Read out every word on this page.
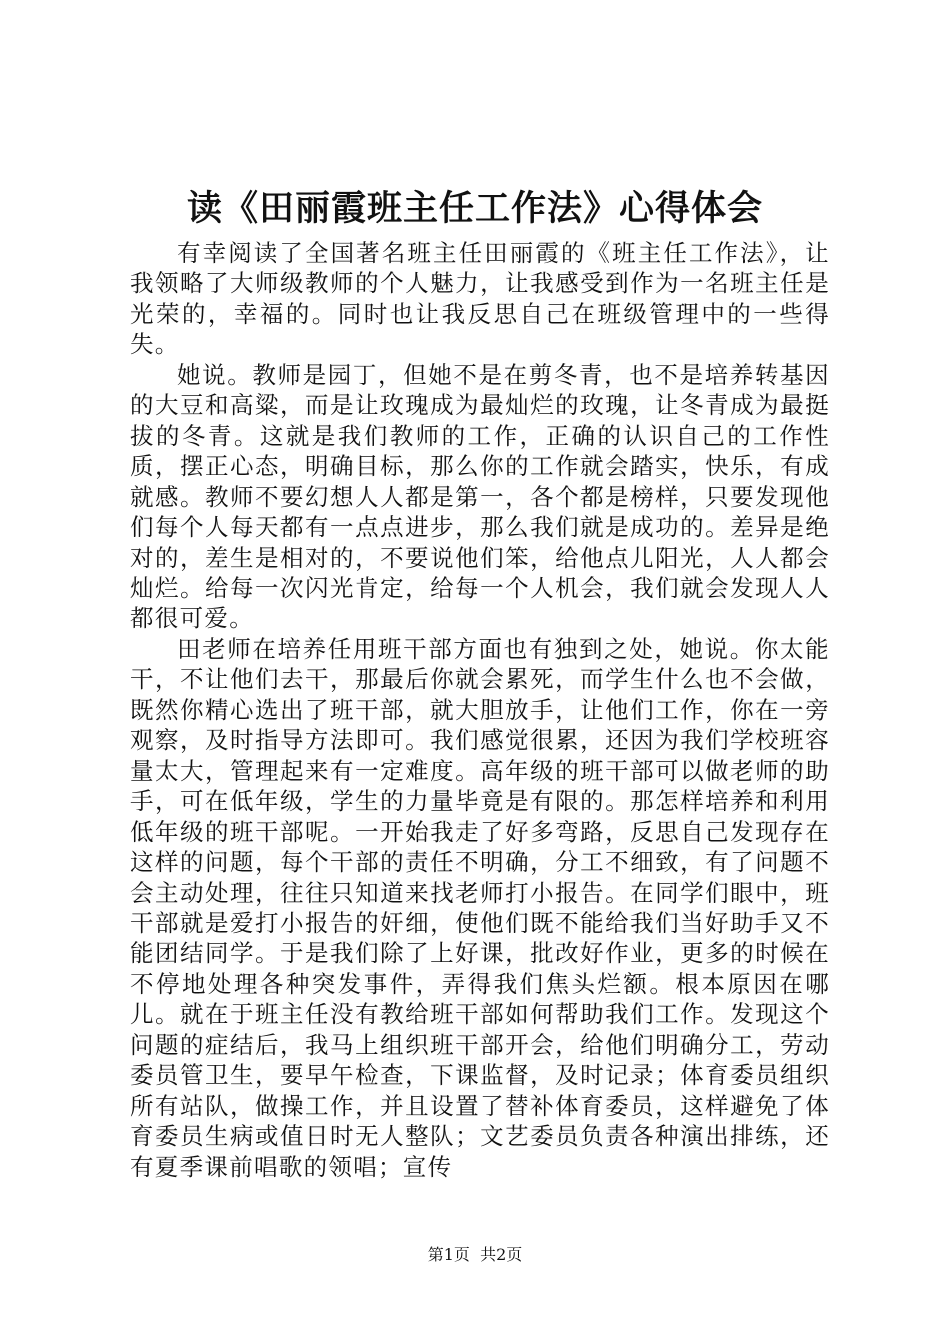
读《田丽霞班主任工作法》心得体会

有幸阅读了全国著名班主任田丽霞的《班主任工作法》，让我领略了大师级教师的个人魅力，让我感受到作为一名班主任是光荣的，幸福的。同时也让我反思自己在班级管理中的一些得失。

她说。教师是园丁，但她不是在剪冬青，也不是培养转基因的大豆和高粱，而是让玫瑰成为最灿烂的玫瑰，让冬青成为最挺拔的冬青。这就是我们教师的工作，正确的认识自己的工作性质，摆正心态，明确目标，那么你的工作就会踏实，快乐，有成就感。教师不要幻想人人都是第一，各个都是榜样，只要发现他们每个人每天都有一点点进步，那么我们就是成功的。差异是绝对的，差生是相对的，不要说他们笨，给他点儿阳光，人人都会灿烂。给每一次闪光肯定，给每一个人机会，我们就会发现人人都很可爱。

田老师在培养任用班干部方面也有独到之处，她说。你太能干，不让他们去干，那最后你就会累死，而学生什么也不会做，既然你精心选出了班干部，就大胆放手，让他们工作，你在一旁观察，及时指导方法即可。我们感觉很累，还因为我们学校班容量太大，管理起来有一定难度。高年级的班干部可以做老师的助手，可在低年级，学生的力量毕竟是有限的。那怎样培养和利用低年级的班干部呢。一开始我走了好多弯路，反思自己发现存在这样的问题，每个干部的责任不明确，分工不细致，有了问题不会主动处理，往往只知道来找老师打小报告。在同学们眼中，班干部就是爱打小报告的奸细，使他们既不能给我们当好助手又不能团结同学。于是我们除了上好课，批改好作业，更多的时候在不停地处理各种突发事件，弄得我们焦头烂额。根本原因在哪儿。就在于班主任没有教给班干部如何帮助我们工作。发现这个问题的症结后，我马上组织班干部开会，给他们明确分工，劳动委员管卫生，要早午检查，下课监督，及时记录；体育委员组织所有站队，做操工作，并且设置了替补体育委员，这样避免了体育委员生病或值日时无人整队；文艺委员负责各种演出排练，还有夏季课前唱歌的领唱；宣传

第1页  共2页
